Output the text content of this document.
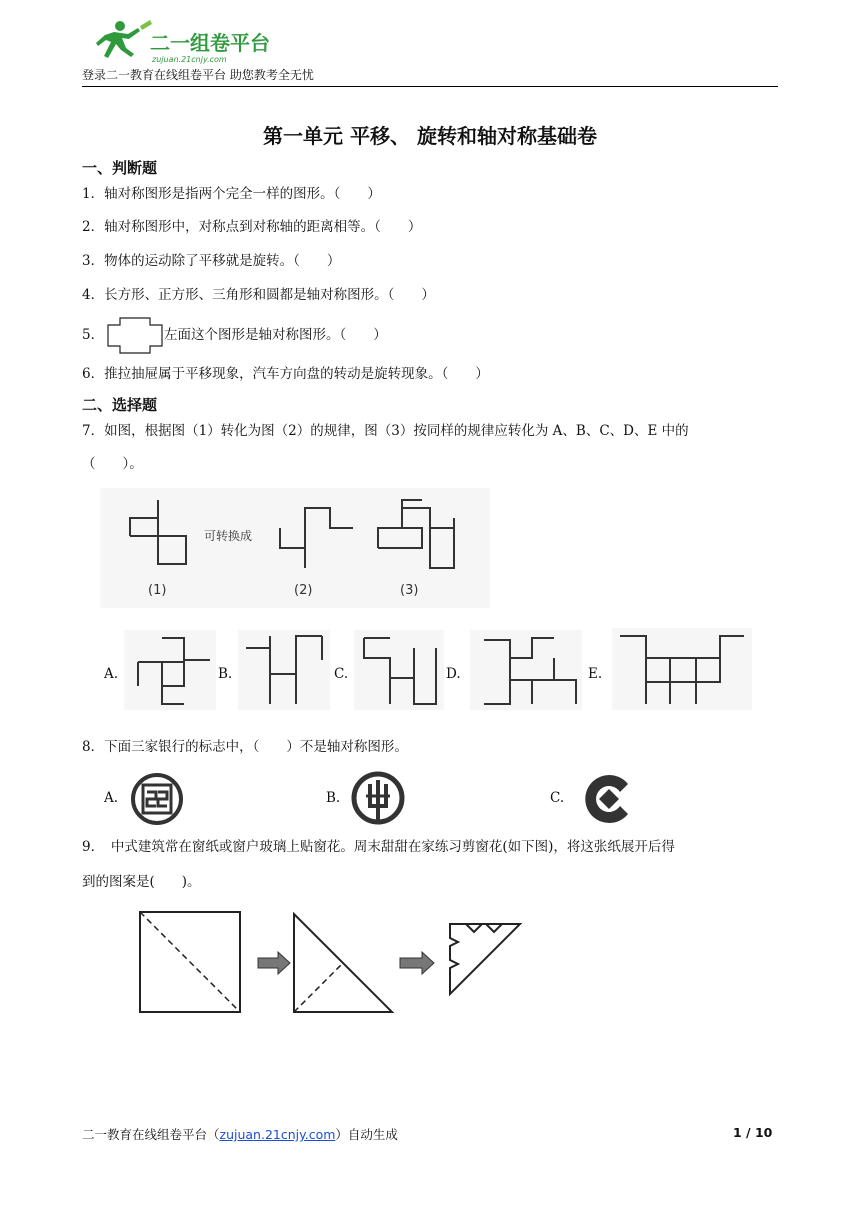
二一组卷平台
zujuan.21cnjy.com
登录二一教育在线组卷平台 助您教考全无忧
第一单元 平移、 旋转和轴对称基础卷
一、判断题
1．轴对称图形是指两个完全一样的图形。（　　）
2．轴对称图形中，对称点到对称轴的距离相等。（　　）
3．物体的运动除了平移就是旋转。（　　）
4．长方形、正方形、三角形和圆都是轴对称图形。（　　）
5．	左面这个图形是轴对称图形。（　　）
6．推拉抽屉属于平移现象，汽车方向盘的转动是旋转现象。（　　）
二、选择题
7．如图，根据图（1）转化为图（2）的规律，图（3）按同样的规律应转化为 A、B、C、D、E 中的
（　　）。
可转换成
(1)	(2)	(3)
A.	B.	C.	D.	E.
8．下面三家银行的标志中，（　　）不是轴对称图形。
A.	B.	C.
9．　中式建筑常在窗纸或窗户玻璃上贴窗花。周末甜甜在家练习剪窗花(如下图)，将这张纸展开后得
到的图案是(　　)。
二一教育在线组卷平台（zujuan.21cnjy.com）自动生成	1 / 10
